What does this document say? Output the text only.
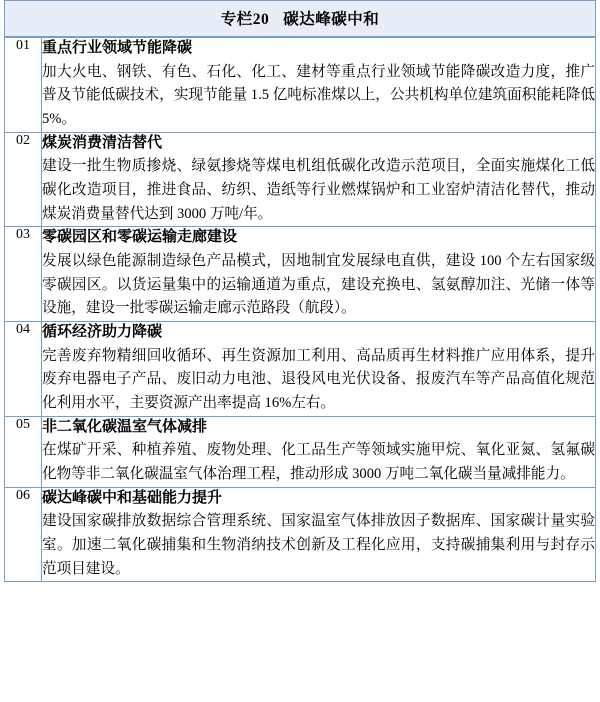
专栏20 碳达峰碳中和
01	重点行业领域节能降碳
加大火电、钢铁、有色、石化、化工、建材等重点行业领域节能降碳改造力度，推广普及节能低碳技术，实现节能量 1.5 亿吨标准煤以上，公共机构单位建筑面积能耗降低 5%。

02	煤炭消费清洁替代
建设一批生物质掺烧、绿氨掺烧等煤电机组低碳化改造示范项目，全面实施煤化工低碳化改造项目，推进食品、纺织、造纸等行业燃煤锅炉和工业窑炉清洁化替代，推动煤炭消费量替代达到 3000 万吨/年。

03	零碳园区和零碳运输走廊建设
发展以绿色能源制造绿色产品模式，因地制宜发展绿电直供，建设 100 个左右国家级零碳园区。以货运量集中的运输通道为重点，建设充换电、氢氨醇加注、光储一体等设施，建设一批零碳运输走廊示范路段（航段）。

04	循环经济助力降碳
完善废弃物精细回收循环、再生资源加工利用、高品质再生材料推广应用体系，提升废弃电器电子产品、废旧动力电池、退役风电光伏设备、报废汽车等产品高值化规范化利用水平，主要资源产出率提高 16%左右。

05	非二氧化碳温室气体减排
在煤矿开采、种植养殖、废物处理、化工品生产等领域实施甲烷、氧化亚氮、氢氟碳化物等非二氧化碳温室气体治理工程，推动形成 3000 万吨二氧化碳当量减排能力。

06	碳达峰碳中和基础能力提升
建设国家碳排放数据综合管理系统、国家温室气体排放因子数据库、国家碳计量实验室。加速二氧化碳捕集和生物消纳技术创新及工程化应用，支持碳捕集利用与封存示范项目建设。
